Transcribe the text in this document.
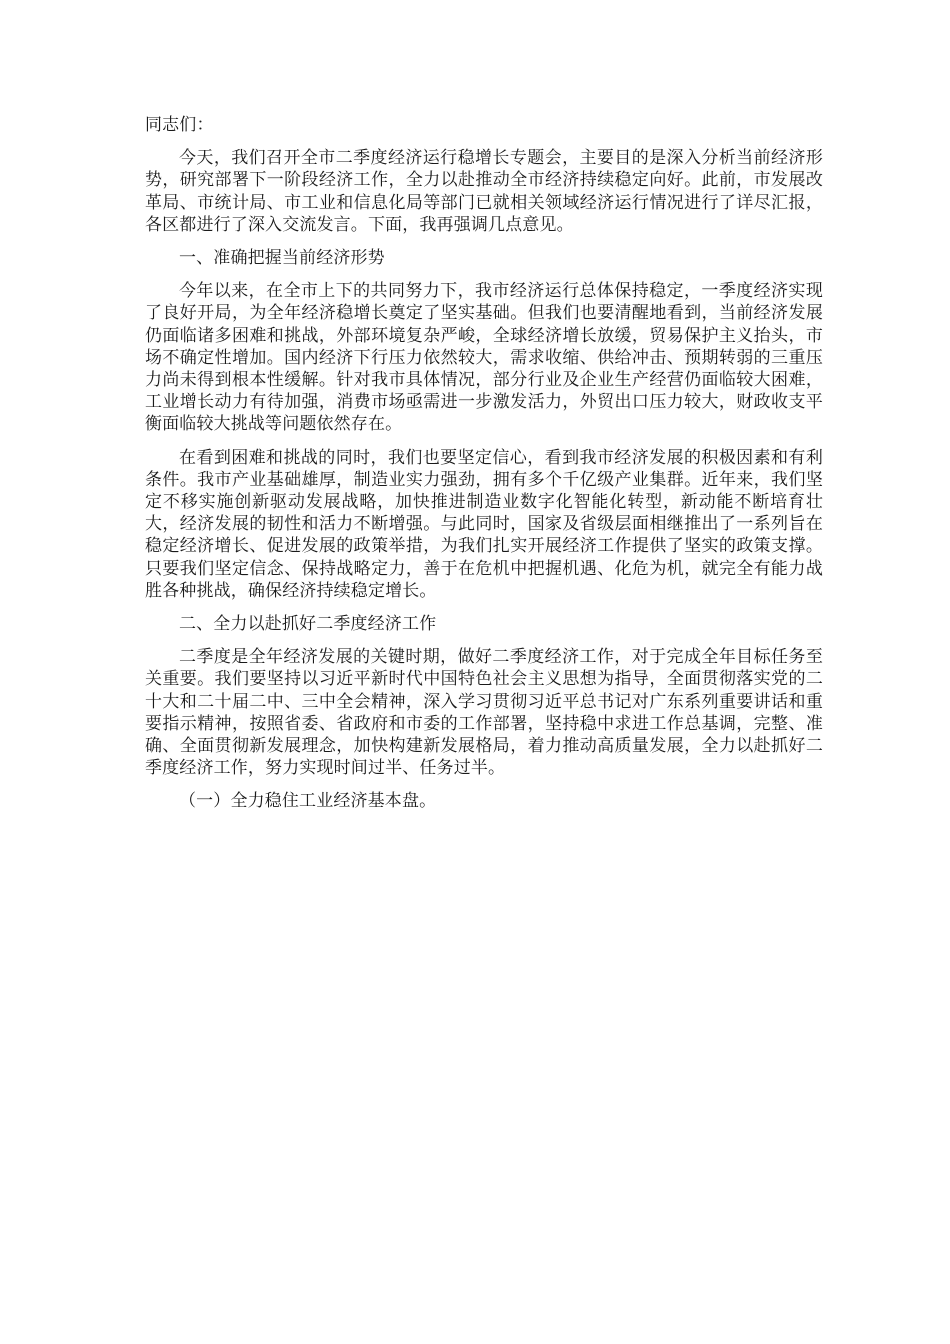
同志们：

今天，我们召开全市二季度经济运行稳增长专题会，主要目的是深入分析当前经济形势，研究部署下一阶段经济工作，全力以赴推动全市经济持续稳定向好。此前，市发展改革局、市统计局、市工业和信息化局等部门已就相关领域经济运行情况进行了详尽汇报，各区都进行了深入交流发言。下面，我再强调几点意见。

一、准确把握当前经济形势

今年以来，在全市上下的共同努力下，我市经济运行总体保持稳定，一季度经济实现了良好开局，为全年经济稳增长奠定了坚实基础。但我们也要清醒地看到，当前经济发展仍面临诸多困难和挑战，外部环境复杂严峻，全球经济增长放缓，贸易保护主义抬头，市场不确定性增加。国内经济下行压力依然较大，需求收缩、供给冲击、预期转弱的三重压力尚未得到根本性缓解。针对我市具体情况，部分行业及企业生产经营仍面临较大困难，工业增长动力有待加强，消费市场亟需进一步激发活力，外贸出口压力较大，财政收支平衡面临较大挑战等问题依然存在。

在看到困难和挑战的同时，我们也要坚定信心，看到我市经济发展的积极因素和有利条件。我市产业基础雄厚，制造业实力强劲，拥有多个千亿级产业集群。近年来，我们坚定不移实施创新驱动发展战略，加快推进制造业数字化智能化转型，新动能不断培育壮大，经济发展的韧性和活力不断增强。与此同时，国家及省级层面相继推出了一系列旨在稳定经济增长、促进发展的政策举措，为我们扎实开展经济工作提供了坚实的政策支撑。只要我们坚定信念、保持战略定力，善于在危机中把握机遇、化危为机，就完全有能力战胜各种挑战，确保经济持续稳定增长。

二、全力以赴抓好二季度经济工作

二季度是全年经济发展的关键时期，做好二季度经济工作，对于完成全年目标任务至关重要。我们要坚持以习近平新时代中国特色社会主义思想为指导，全面贯彻落实党的二十大和二十届二中、三中全会精神，深入学习贯彻习近平总书记对广东系列重要讲话和重要指示精神，按照省委、省政府和市委的工作部署，坚持稳中求进工作总基调，完整、准确、全面贯彻新发展理念，加快构建新发展格局，着力推动高质量发展，全力以赴抓好二季度经济工作，努力实现时间过半、任务过半。

（一）全力稳住工业经济基本盘。
